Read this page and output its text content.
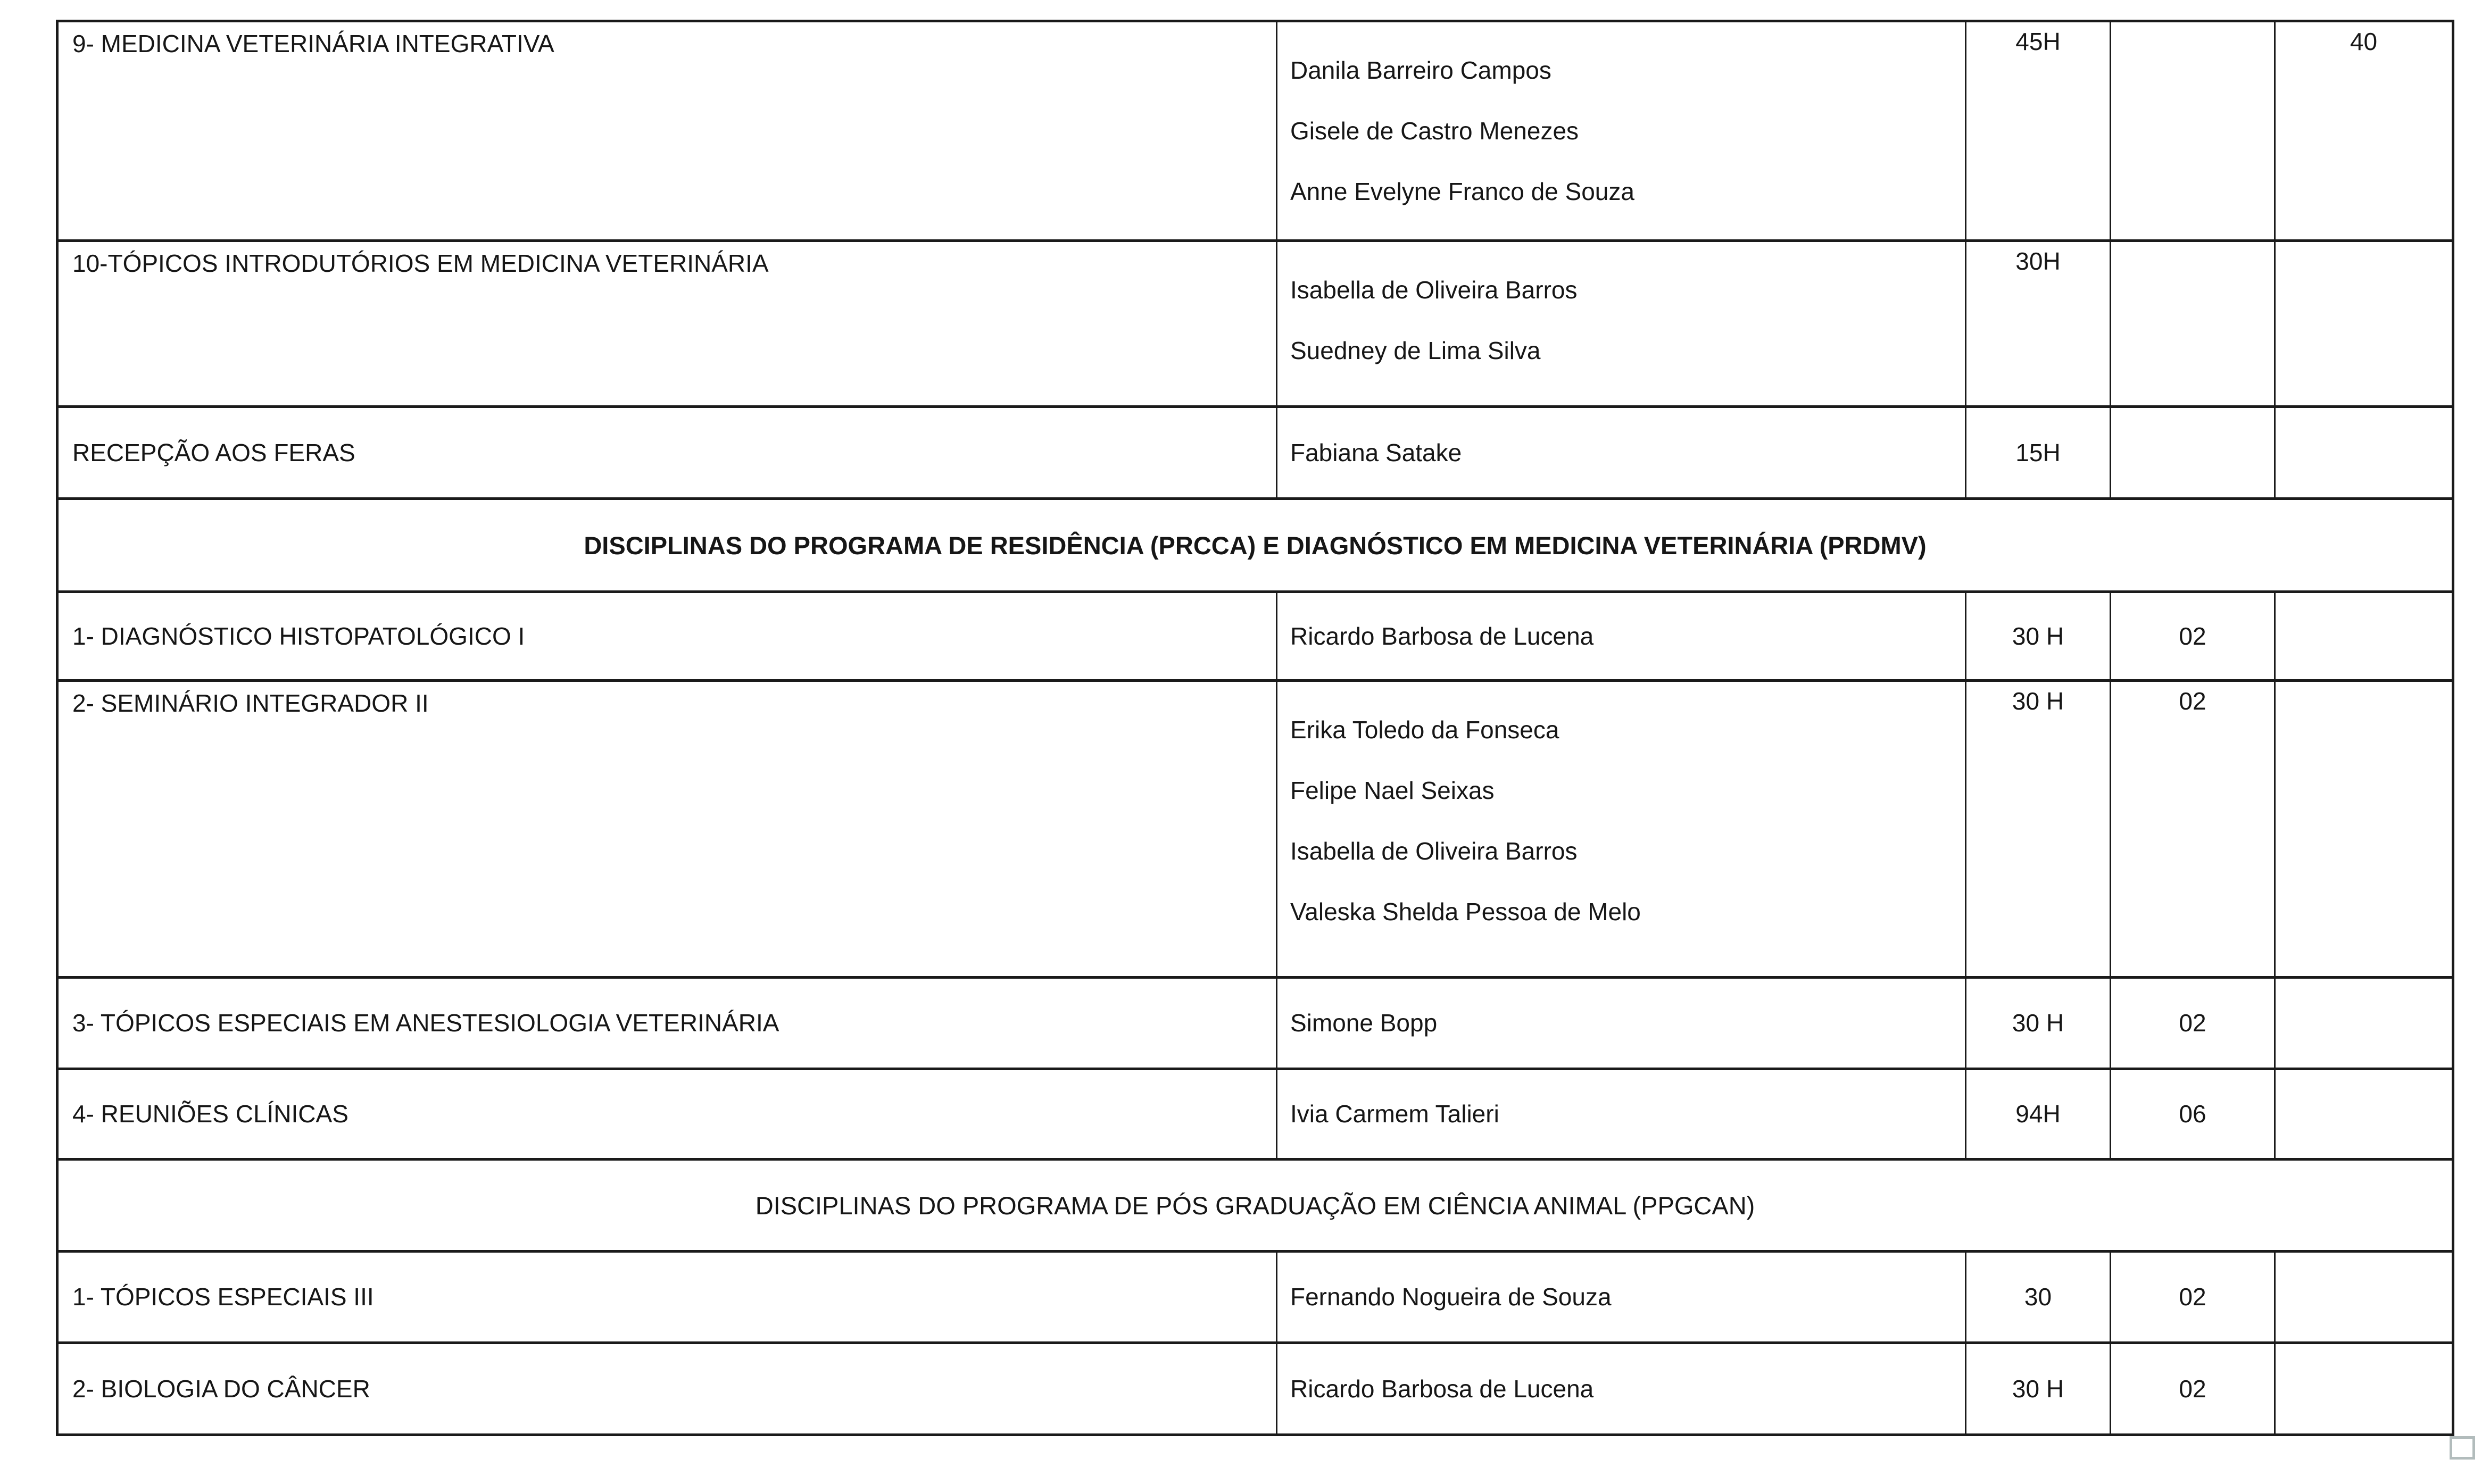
9- MEDICINA VETERINÁRIA INTEGRATIVA	Danila Barreiro Campos

Gisele de Castro Menezes

Anne Evelyne Franco de Souza	45H		40
10-TÓPICOS INTRODUTÓRIOS EM MEDICINA VETERINÁRIA	Isabella de Oliveira Barros

Suedney de Lima Silva	30H		
RECEPÇÃO AOS FERAS	Fabiana Satake	15H		
DISCIPLINAS DO PROGRAMA DE RESIDÊNCIA (PRCCA) E DIAGNÓSTICO EM MEDICINA VETERINÁRIA (PRDMV)				
1- DIAGNÓSTICO HISTOPATOLÓGICO I	Ricardo Barbosa de Lucena	30 H	02	
2- SEMINÁRIO INTEGRADOR II	Erika Toledo da Fonseca

Felipe Nael Seixas

Isabella de Oliveira Barros

Valeska Shelda Pessoa de Melo	30 H	02	
3- TÓPICOS ESPECIAIS EM ANESTESIOLOGIA VETERINÁRIA	Simone Bopp	30 H	02	
4- REUNIÕES CLÍNICAS	Ivia Carmem Talieri	94H	06	
DISCIPLINAS DO PROGRAMA DE PÓS GRADUAÇÃO EM CIÊNCIA ANIMAL (PPGCAN)				
1- TÓPICOS ESPECIAIS III	Fernando Nogueira de Souza	30	02	
2- BIOLOGIA DO CÂNCER	Ricardo Barbosa de Lucena	30 H	02	
